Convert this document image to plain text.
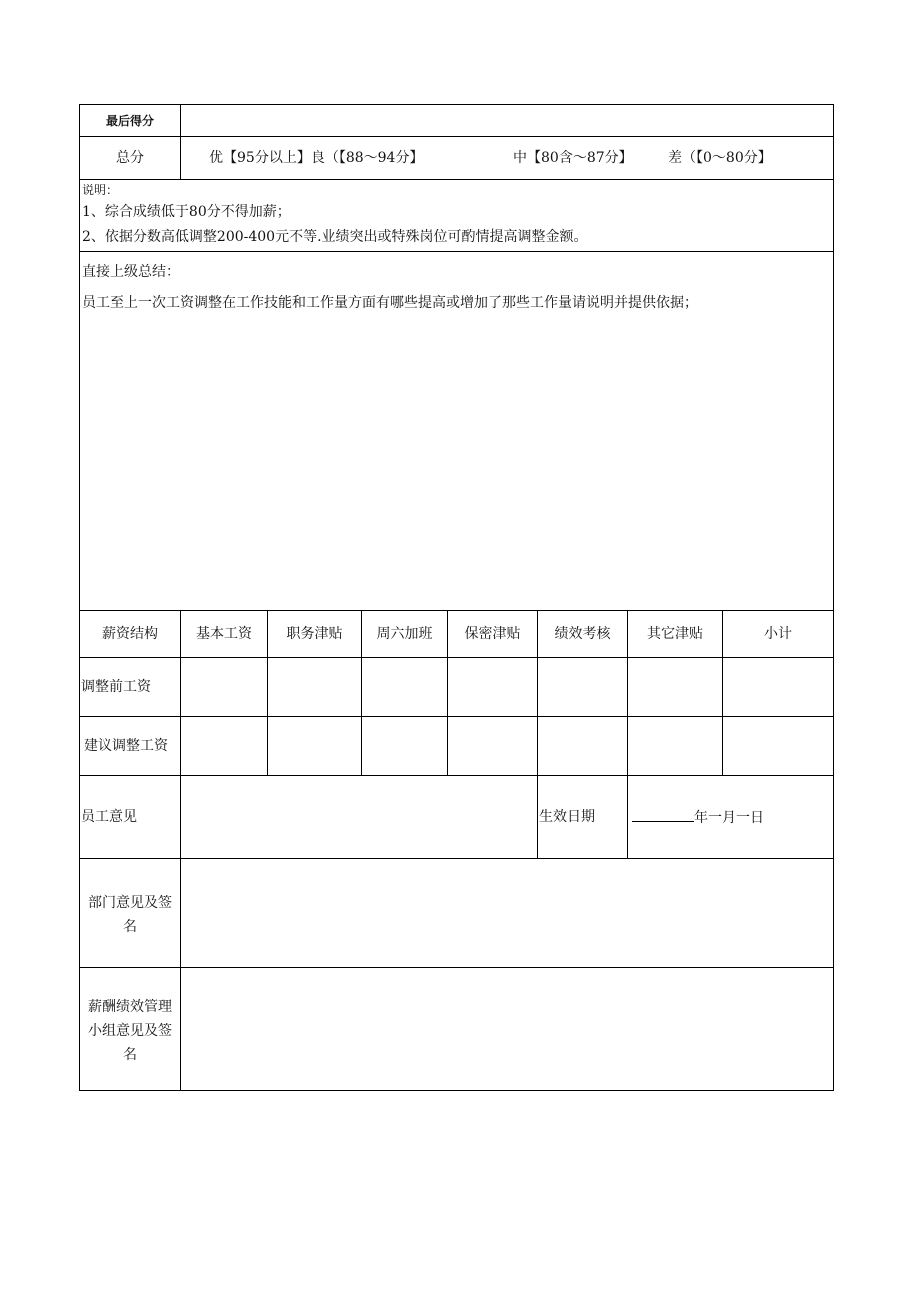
最后得分
总分	优【95分以上】良（【88～94分】	中【80含～87分】	差（【0～80分】
说明：
1、综合成绩低于80分不得加薪；
2、依据分数高低调整200-400元不等.业绩突出或特殊岗位可酌情提高调整金额。
直接上级总结：
员工至上一次工资调整在工作技能和工作量方面有哪些提高或增加了那些工作量请说明并提供依据；
薪资结构	基本工资	职务津贴	周六加班	保密津贴	绩效考核	其它津贴	小计
调整前工资
建议调整工资
员工意见	生效日期	年一月一日
部门意见及签
名
薪酬绩效管理
小组意见及签
名
